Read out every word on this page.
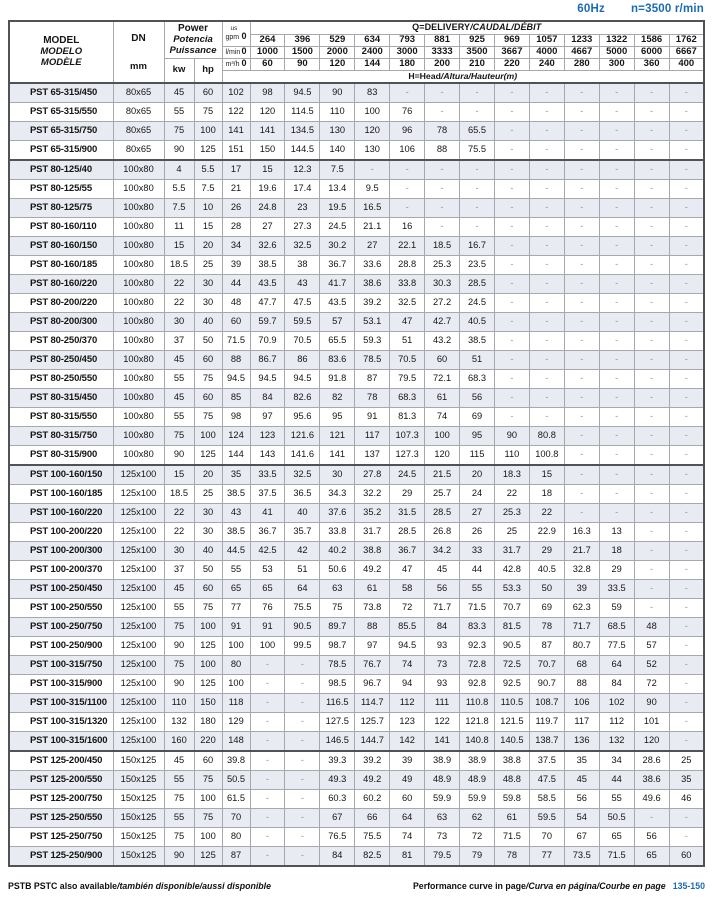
60Hz n=3500 r/min
MODEL
MODELO
MODÈLE

DN
mm

Power
Potencia
Puissance

us
gpm 0
	Q=DELIVERY/CAUDAL/DÉBIT
					264	396	529	634	793	881	925	969	1057	1233	1322	1586	1762

				l/min 0	1000	1500	2000	2400	3000	3333	3500	3667	4000	4667	5000	6000	6667
		kw	hp	m³/h 0	60	90	120	144	180	200	210	220	240	280	300	360	400
				H=Head/Altura/Hauteur(m)													
PST 65-315/450	80x65	45	60	102	98	94.5	90	83	-	-	-	-	-	-	-	-	-
PST 65-315/550	80x65	55	75	122	120	114.5	110	100	76	-	-	-	-	-	-	-	-
PST 65-315/750	80x65	75	100	141	141	134.5	130	120	96	78	65.5	-	-	-	-	-	-
PST 65-315/900	80x65	90	125	151	150	144.5	140	130	106	88	75.5	-	-	-	-	-	-
PST 80-125/40	100x80	4	5.5	17	15	12.3	7.5	-	-	-	-	-	-	-	-	-	-
PST 80-125/55	100x80	5.5	7.5	21	19.6	17.4	13.4	9.5	-	-	-	-	-	-	-	-	-
PST 80-125/75	100x80	7.5	10	26	24.8	23	19.5	16.5	-	-	-	-	-	-	-	-	-
PST 80-160/110	100x80	11	15	28	27	27.3	24.5	21.1	16	-	-	-	-	-	-	-	-
PST 80-160/150	100x80	15	20	34	32.6	32.5	30.2	27	22.1	18.5	16.7	-	-	-	-	-	-
PST 80-160/185	100x80	18.5	25	39	38.5	38	36.7	33.6	28.8	25.3	23.5	-	-	-	-	-	-
PST 80-160/220	100x80	22	30	44	43.5	43	41.7	38.6	33.8	30.3	28.5	-	-	-	-	-	-
PST 80-200/220	100x80	22	30	48	47.7	47.5	43.5	39.2	32.5	27.2	24.5	-	-	-	-	-	-
PST 80-200/300	100x80	30	40	60	59.7	59.5	57	53.1	47	42.7	40.5	-	-	-	-	-	-
PST 80-250/370	100x80	37	50	71.5	70.9	70.5	65.5	59.3	51	43.2	38.5	-	-	-	-	-	-
PST 80-250/450	100x80	45	60	88	86.7	86	83.6	78.5	70.5	60	51	-	-	-	-	-	-
PST 80-250/550	100x80	55	75	94.5	94.5	94.5	91.8	87	79.5	72.1	68.3	-	-	-	-	-	-
PST 80-315/450	100x80	45	60	85	84	82.6	82	78	68.3	61	56	-	-	-	-	-	-
PST 80-315/550	100x80	55	75	98	97	95.6	95	91	81.3	74	69	-	-	-	-	-	-
PST 80-315/750	100x80	75	100	124	123	121.6	121	117	107.3	100	95	90	80.8	-	-	-	-
PST 80-315/900	100x80	90	125	144	143	141.6	141	137	127.3	120	115	110	100.8	-	-	-	-
PST 100-160/150	125x100	15	20	35	33.5	32.5	30	27.8	24.5	21.5	20	18.3	15	-	-	-	-
PST 100-160/185	125x100	18.5	25	38.5	37.5	36.5	34.3	32.2	29	25.7	24	22	18	-	-	-	-
PST 100-160/220	125x100	22	30	43	41	40	37.6	35.2	31.5	28.5	27	25.3	22	-	-	-	-
PST 100-200/220	125x100	22	30	38.5	36.7	35.7	33.8	31.7	28.5	26.8	26	25	22.9	16.3	13	-	-
PST 100-200/300	125x100	30	40	44.5	42.5	42	40.2	38.8	36.7	34.2	33	31.7	29	21.7	18	-	-
PST 100-200/370	125x100	37	50	55	53	51	50.6	49.2	47	45	44	42.8	40.5	32.8	29	-	-
PST 100-250/450	125x100	45	60	65	65	64	63	61	58	56	55	53.3	50	39	33.5	-	-
PST 100-250/550	125x100	55	75	77	76	75.5	75	73.8	72	71.7	71.5	70.7	69	62.3	59	-	-
PST 100-250/750	125x100	75	100	91	91	90.5	89.7	88	85.5	84	83.3	81.5	78	71.7	68.5	48	-
PST 100-250/900	125x100	90	125	100	100	99.5	98.7	97	94.5	93	92.3	90.5	87	80.7	77.5	57	-
PST 100-315/750	125x100	75	100	80	-	-	78.5	76.7	74	73	72.8	72.5	70.7	68	64	52	-
PST 100-315/900	125x100	90	125	100	-	-	98.5	96.7	94	93	92.8	92.5	90.7	88	84	72	-
PST 100-315/1100	125x100	110	150	118	-	-	116.5	114.7	112	111	110.8	110.5	108.7	106	102	90	-
PST 100-315/1320	125x100	132	180	129	-	-	127.5	125.7	123	122	121.8	121.5	119.7	117	112	101	-
PST 100-315/1600	125x100	160	220	148	-	-	146.5	144.7	142	141	140.8	140.5	138.7	136	132	120	-
PST 125-200/450	150x125	45	60	39.8	-	-	39.3	39.2	39	38.9	38.9	38.8	37.5	35	34	28.6	25
PST 125-200/550	150x125	55	75	50.5	-	-	49.3	49.2	49	48.9	48.9	48.8	47.5	45	44	38.6	35
PST 125-200/750	150x125	75	100	61.5	-	-	60.3	60.2	60	59.9	59.9	59.8	58.5	56	55	49.6	46
PST 125-250/550	150x125	55	75	70	-	-	67	66	64	63	62	61	59.5	54	50.5	-	-
PST 125-250/750	150x125	75	100	80	-	-	76.5	75.5	74	73	72	71.5	70	67	65	56	-
PST 125-250/900	150x125	90	125	87	-	-	84	82.5	81	79.5	79	78	77	73.5	71.5	65	60
PSTB PSTC also available/también disponible/aussi disponible	Performance curve in page/Curva en página/Courbe en page 135-150
